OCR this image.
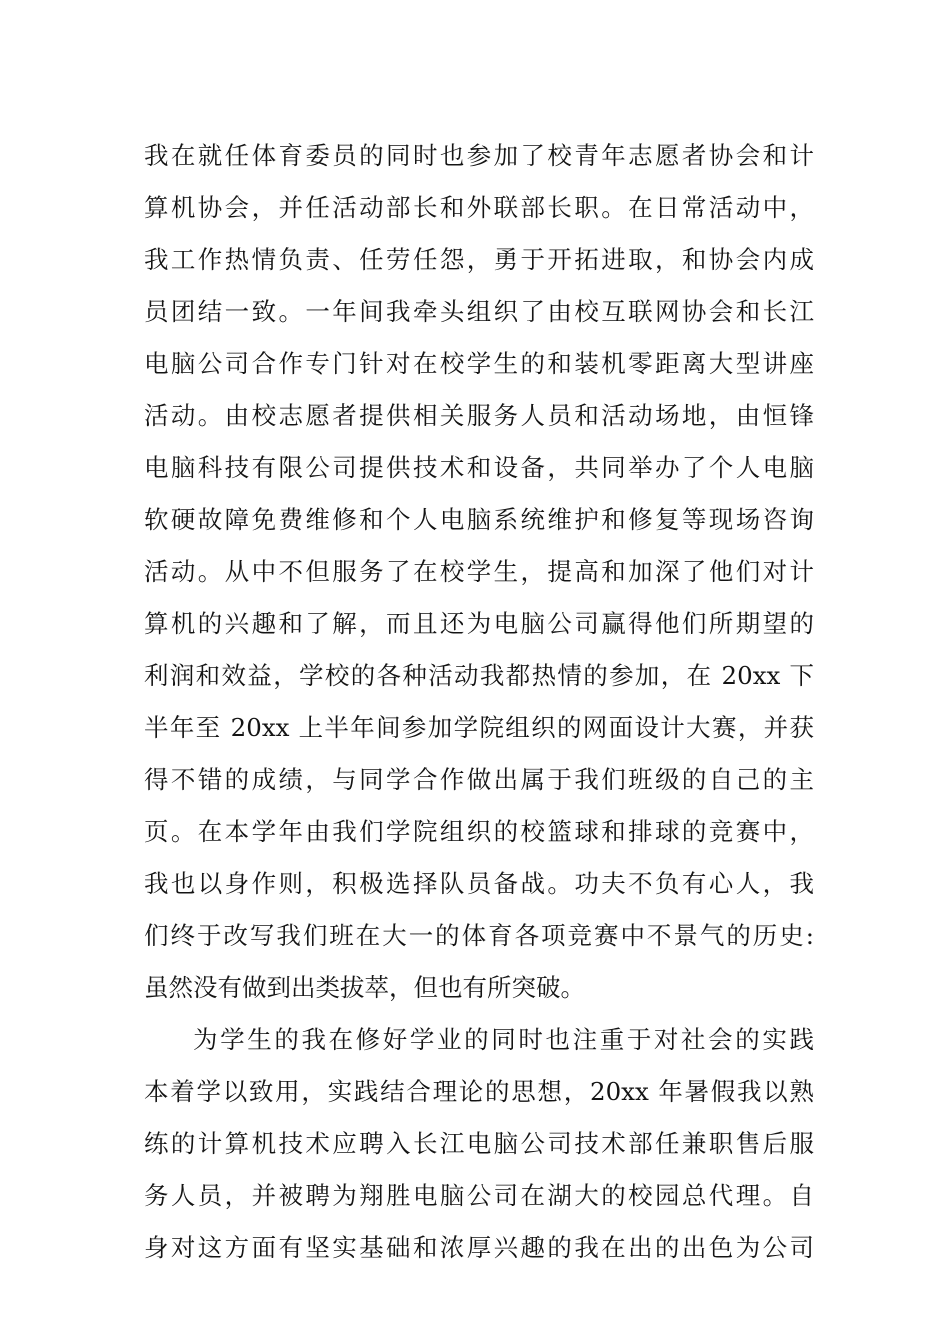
我在就任体育委员的同时也参加了校青年志愿者协会和计
算机协会，并任活动部长和外联部长职。在日常活动中，
我工作热情负责、任劳任怨，勇于开拓进取，和协会内成
员团结一致。一年间我牵头组织了由校互联网协会和长江
电脑公司合作专门针对在校学生的和装机零距离大型讲座
活动。由校志愿者提供相关服务人员和活动场地，由恒锋
电脑科技有限公司提供技术和设备，共同举办了个人电脑
软硬故障免费维修和个人电脑系统维护和修复等现场咨询
活动。从中不但服务了在校学生，提高和加深了他们对计
算机的兴趣和了解，而且还为电脑公司赢得他们所期望的
利润和效益，学校的各种活动我都热情的参加，在 20xx 下
半年至 20xx 上半年间参加学院组织的网面设计大赛，并获
得不错的成绩，与同学合作做出属于我们班级的自己的主
页。在本学年由我们学院组织的校篮球和排球的竞赛中，
我也以身作则，积极选择队员备战。功夫不负有心人，我
们终于改写我们班在大一的体育各项竞赛中不景气的历史:
虽然没有做到出类拔萃，但也有所突破。
为学生的我在修好学业的同时也注重于对社会的实践
本着学以致用，实践结合理论的思想，20xx 年暑假我以熟
练的计算机技术应聘入长江电脑公司技术部任兼职售后服
务人员，并被聘为翔胜电脑公司在湖大的校园总代理。自
身对这方面有坚实基础和浓厚兴趣的我在出的出色为公司
